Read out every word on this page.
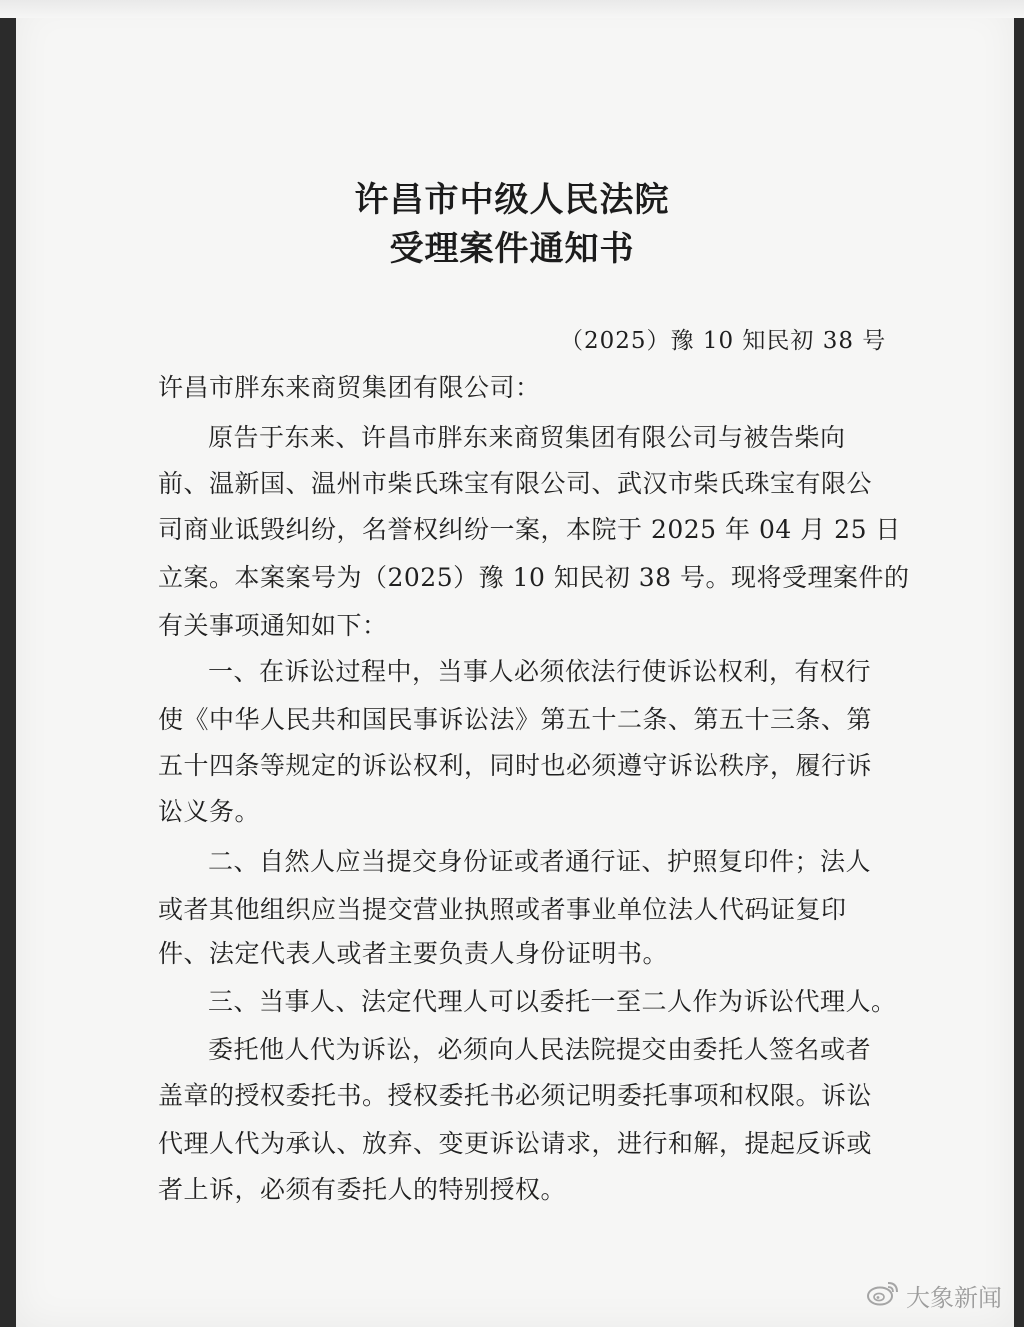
许昌市中级人民法院
受理案件通知书
（2025）豫 10 知民初 38 号
许昌市胖东来商贸集团有限公司：
原告于东来、许昌市胖东来商贸集团有限公司与被告柴向
前、温新国、温州市柴氏珠宝有限公司、武汉市柴氏珠宝有限公
司商业诋毁纠纷，名誉权纠纷一案，本院于 2025 年 04 月 25 日
立案。本案案号为（2025）豫 10 知民初 38 号。现将受理案件的
有关事项通知如下：
一、在诉讼过程中，当事人必须依法行使诉讼权利，有权行
使《中华人民共和国民事诉讼法》第五十二条、第五十三条、第
五十四条等规定的诉讼权利，同时也必须遵守诉讼秩序，履行诉
讼义务。
二、自然人应当提交身份证或者通行证、护照复印件；法人
或者其他组织应当提交营业执照或者事业单位法人代码证复印
件、法定代表人或者主要负责人身份证明书。
三、当事人、法定代理人可以委托一至二人作为诉讼代理人。
委托他人代为诉讼，必须向人民法院提交由委托人签名或者
盖章的授权委托书。授权委托书必须记明委托事项和权限。诉讼
代理人代为承认、放弃、变更诉讼请求，进行和解，提起反诉或
者上诉，必须有委托人的特别授权。
大象新闻
